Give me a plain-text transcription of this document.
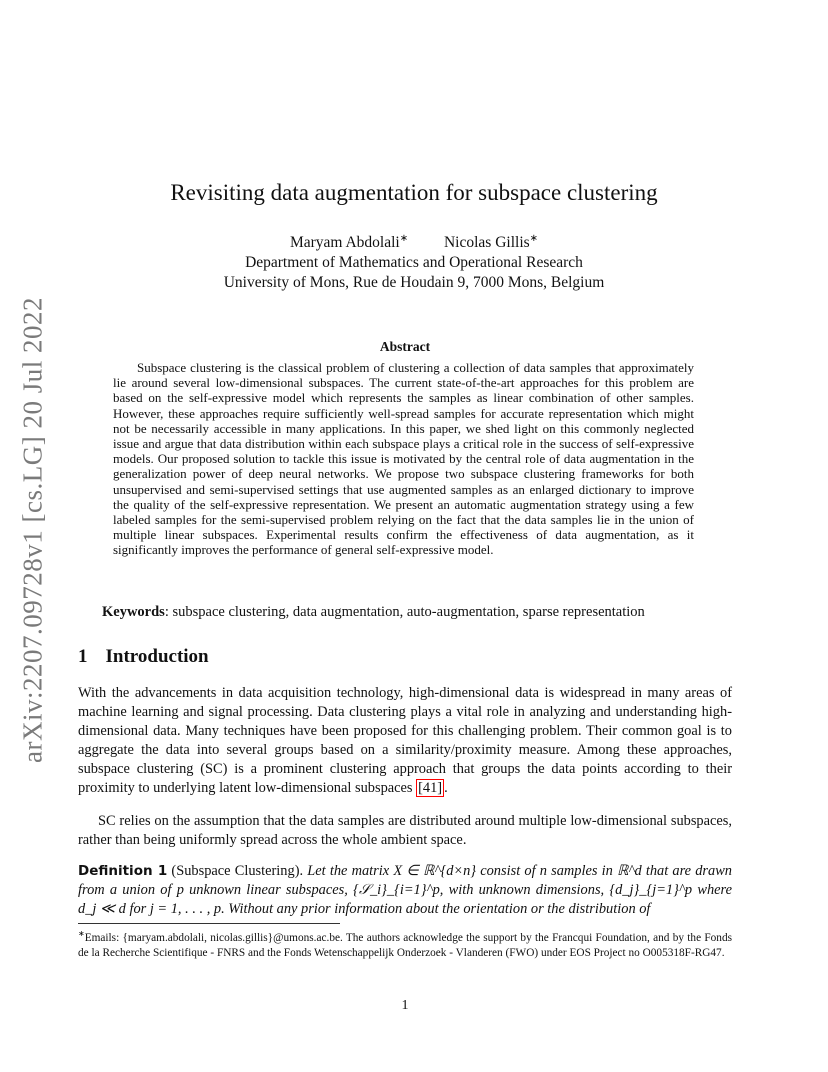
arXiv:2207.09728v1 [cs.LG] 20 Jul 2022
Revisiting data augmentation for subspace clustering
Maryam Abdolali∗ Nicolas Gillis∗
Department of Mathematics and Operational Research
University of Mons, Rue de Houdain 9, 7000 Mons, Belgium
Abstract

Subspace clustering is the classical problem of clustering a collection of data samples that approximately lie around several low-dimensional subspaces. The current state-of-the-art approaches for this problem are based on the self-expressive model which represents the samples as linear combination of other samples. However, these approaches require sufficiently well-spread samples for accurate representation which might not be necessarily accessible in many applications. In this paper, we shed light on this commonly neglected issue and argue that data distribution within each subspace plays a critical role in the success of self-expressive models. Our proposed solution to tackle this issue is motivated by the central role of data augmentation in the generalization power of deep neural networks. We propose two subspace clustering frameworks for both unsupervised and semi-supervised settings that use augmented samples as an enlarged dictionary to improve the quality of the self-expressive representation. We present an automatic augmentation strategy using a few labeled samples for the semi-supervised problem relying on the fact that the data samples lie in the union of multiple linear subspaces. Experimental results confirm the effectiveness of data augmentation, as it significantly improves the performance of general self-expressive model.

Keywords: subspace clustering, data augmentation, auto-augmentation, sparse representation
1 Introduction

With the advancements in data acquisition technology, high-dimensional data is widespread in many areas of machine learning and signal processing. Data clustering plays a vital role in analyzing and understanding high-dimensional data. Many techniques have been proposed for this challenging problem. Their common goal is to aggregate the data into several groups based on a similarity/proximity measure. Among these approaches, subspace clustering (SC) is a prominent clustering approach that groups the data points according to their proximity to underlying latent low-dimensional subspaces [41] .

SC relies on the assumption that the data samples are distributed around multiple low-dimensional subspaces, rather than being uniformly spread across the whole ambient space.

Definition 1 (Subspace Clustering). Let the matrix X ∈ ℝ^{d×n} consist of n samples in ℝ^d that are drawn from a union of p unknown linear subspaces, {𝒮_i}_{i=1}^p, with unknown dimensions, {d_j}_{j=1}^p where d_j ≪ d for j = 1, . . . , p. Without any prior information about the orientation or the distribution of
∗Emails: {maryam.abdolali, nicolas.gillis}@umons.ac.be. The authors acknowledge the support by the Francqui Foundation, and by the Fonds de la Recherche Scientifique - FNRS and the Fonds Wetenschappelijk Onderzoek - Vlanderen (FWO) under EOS Project no O005318F-RG47.
1
